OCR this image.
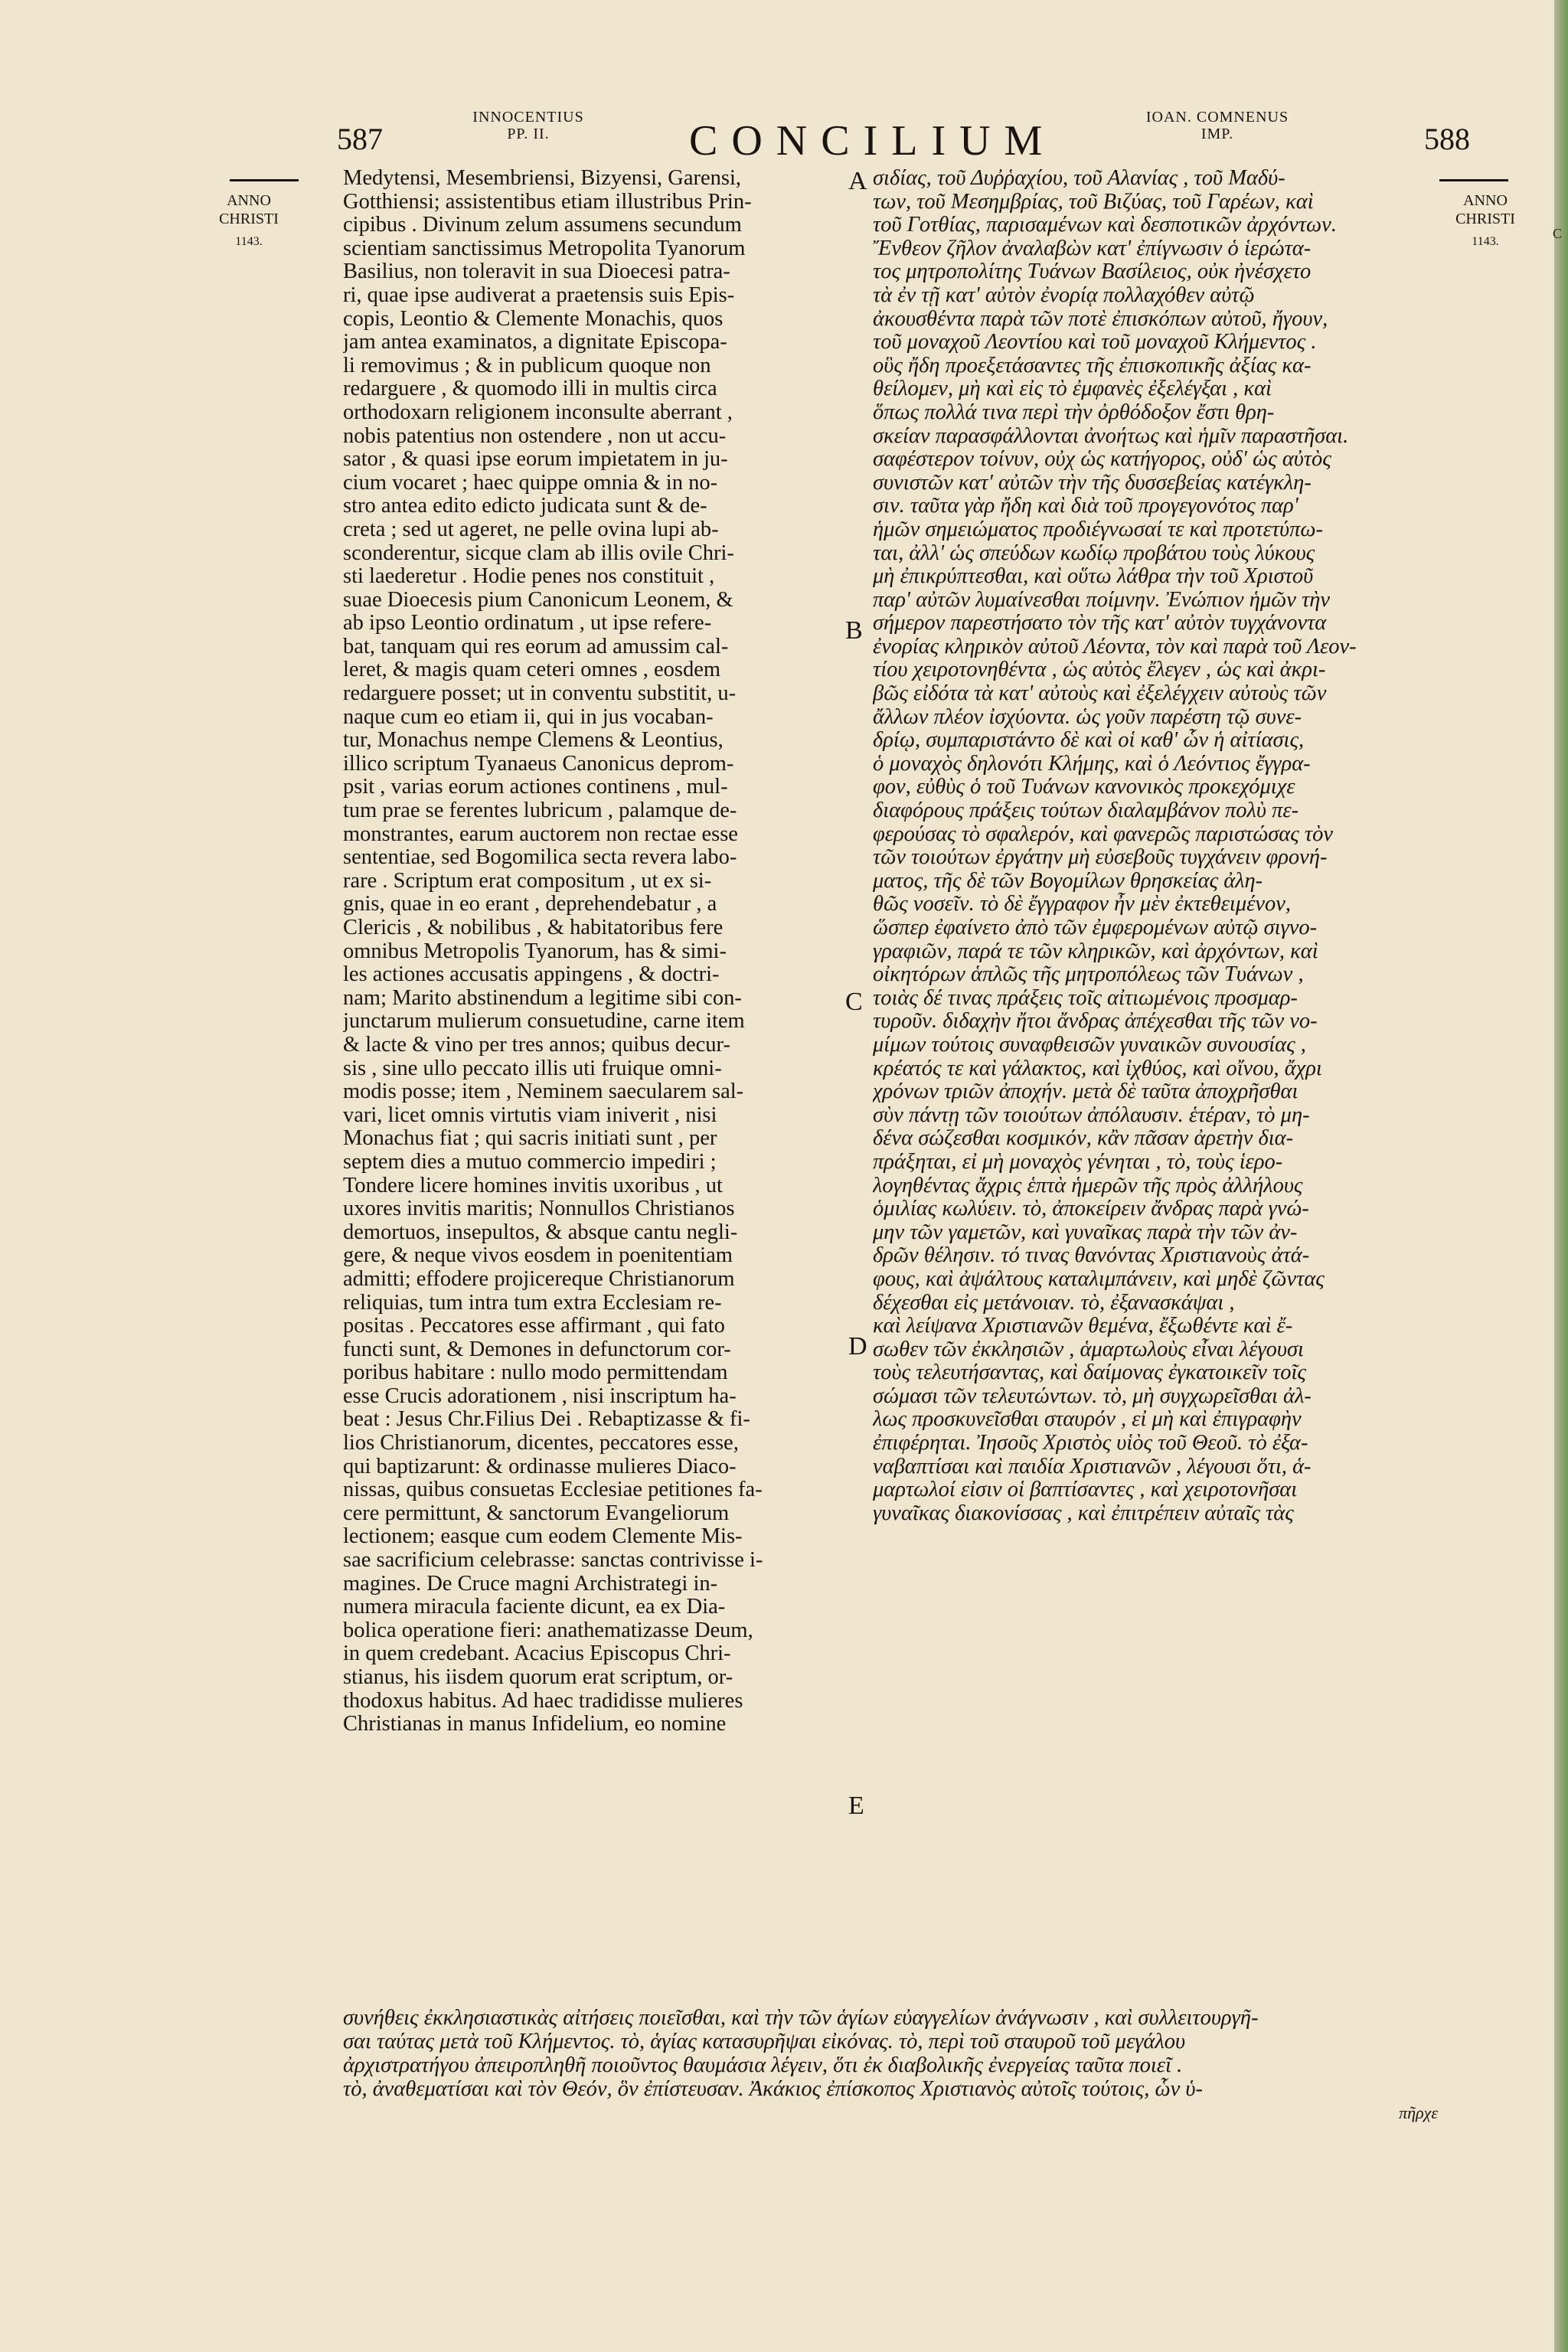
C
587
INNOCENTIUS
PP. II.	CONCILIUM	IOAN. COMNENUS
IMP.	588
ANNO
CHRISTI
1143.
ANNO
CHRISTI
1143.
Medytensi, Mesembriensi, Bizyensi, Garensi,
Gotthiensi; assistentibus etiam illustribus Prin-
cipibus . Divinum zelum assumens secundum
scientiam sanctissimus Metropolita Tyanorum
Basilius, non toleravit in sua Dioecesi patra-
ri, quae ipse audiverat a praetensis suis Epis-
copis, Leontio & Clemente Monachis, quos
jam antea examinatos, a dignitate Episcopa-
li removimus ; & in publicum quoque non
redarguere , & quomodo illi in multis circa
orthodoxarn religionem inconsulte aberrant ,
nobis patentius non ostendere , non ut accu-
sator , & quasi ipse eorum impietatem in ju-
cium vocaret ; haec quippe omnia & in no-
stro antea edito edicto judicata sunt & de-
creta ; sed ut ageret, ne pelle ovina lupi ab-
sconderentur, sicque clam ab illis ovile Chri-
sti laederetur . Hodie penes nos constituit ,
suae Dioecesis pium Canonicum Leonem, &
ab ipso Leontio ordinatum , ut ipse refere-
bat, tanquam qui res eorum ad amussim cal-
leret, & magis quam ceteri omnes , eosdem
redarguere posset; ut in conventu substitit, u-
naque cum eo etiam ii, qui in jus vocaban-
tur, Monachus nempe Clemens & Leontius,
illico scriptum Tyanaeus Canonicus deprom-
psit , varias eorum actiones continens , mul-
tum prae se ferentes lubricum , palamque de-
monstrantes, earum auctorem non rectae esse
sententiae, sed Bogomilica secta revera labo-
rare . Scriptum erat compositum , ut ex si-
gnis, quae in eo erant , deprehendebatur , a
Clericis , & nobilibus , & habitatoribus fere
omnibus Metropolis Tyanorum, has & simi-
les actiones accusatis appingens , & doctri-
nam; Marito abstinendum a legitime sibi con-
junctarum mulierum consuetudine, carne item
& lacte & vino per tres annos; quibus decur-
sis , sine ullo peccato illis uti fruique omni-
modis posse; item , Neminem saecularem sal-
vari, licet omnis virtutis viam iniverit , nisi
Monachus fiat ; qui sacris initiati sunt , per
septem dies a mutuo commercio impediri ;
Tondere licere homines invitis uxoribus , ut
uxores invitis maritis; Nonnullos Christianos
demortuos, insepultos, & absque cantu negli-
gere, & neque vivos eosdem in poenitentiam
admitti; effodere projicereque Christianorum
reliquias, tum intra tum extra Ecclesiam re-
positas . Peccatores esse affirmant , qui fato
functi sunt, & Demones in defunctorum cor-
poribus habitare : nullo modo permittendam
esse Crucis adorationem , nisi inscriptum ha-
beat : Jesus Chr.Filius Dei . Rebaptizasse & fi-
lios Christianorum, dicentes, peccatores esse,
qui baptizarunt: & ordinasse mulieres Diaco-
nissas, quibus consuetas Ecclesiae petitiones fa-
cere permittunt, & sanctorum Evangeliorum
lectionem; easque cum eodem Clemente Mis-
sae sacrificium celebrasse: sanctas contrivisse i-
magines. De Cruce magni Archistrategi in-
numera miracula faciente dicunt, ea ex Dia-
bolica operatione fieri: anathematizasse Deum,
in quem credebant. Acacius Episcopus Chri-
stianus, his iisdem quorum erat scriptum, or-
thodoxus habitus. Ad haec tradidisse mulieres
Christianas in manus Infidelium, eo nomine
σιδίας, τοῦ Δυῤῥαχίου, τοῦ Αλανίας , τοῦ Μαδύ-
των, τοῦ Μεσημβρίας, τοῦ Βιζύας, τοῦ Γαρέων, καὶ
τοῦ Γοτθίας, παρισαμένων καὶ δεσποτικῶν ἀρχόντων.
Ἔνθεον ζῆλον ἀναλαβὼν κατ' ἐπίγνωσιν ὁ ἱερώτα-
τος μητροπολίτης Τυάνων Βασίλειος, οὐκ ἠνέσχετο
τὰ ἐν τῇ κατ' αὐτὸν ἐνορίᾳ πολλαχόθεν αὐτῷ
ἀκουσθέντα παρὰ τῶν ποτὲ ἐπισκόπων αὐτοῦ, ἤγουν,
τοῦ μοναχοῦ Λεοντίου καὶ τοῦ μοναχοῦ Κλήμεντος .
οὓς ἤδη προεξετάσαντες τῆς ἐπισκοπικῆς ἀξίας κα-
θείλομεν, μὴ καὶ εἰς τὸ ἐμφανὲς ἐξελέγξαι , καὶ
ὅπως πολλά τινα περὶ τὴν ὀρθόδοξον ἔστι θρη-
σκείαν παρασφάλλονται ἀνοήτως καὶ ἡμῖν παραστῆσαι.
σαφέστερον τοίνυν, οὐχ ὡς κατήγορος, οὐδ' ὡς αὐτὸς
συνιστῶν κατ' αὐτῶν τὴν τῆς δυσσεβείας κατέγκλη-
σιν. ταῦτα γὰρ ἤδη καὶ διὰ τοῦ προγεγονότος παρ'
ἡμῶν σημειώματος προδιέγνωσαί τε καὶ προτετύπω-
ται, ἀλλ' ὡς σπεύδων κωδίῳ προβάτου τοὺς λύκους
μὴ ἐπικρύπτεσθαι, καὶ οὕτω λάθρα τὴν τοῦ Χριστοῦ
παρ' αὐτῶν λυμαίνεσθαι ποίμνην. Ἐνώπιον ἡμῶν τὴν
σήμερον παρεστήσατο τὸν τῆς κατ' αὐτὸν τυγχάνοντα
ἐνορίας κληρικὸν αὐτοῦ Λέοντα, τὸν καὶ παρὰ τοῦ Λεον-
τίου χειροτονηθέντα , ὡς αὐτὸς ἔλεγεν , ὡς καὶ ἀκρι-
βῶς εἰδότα τὰ κατ' αὐτοὺς καὶ ἐξελέγχειν αὐτοὺς τῶν
ἄλλων πλέον ἰσχύοντα. ὡς γοῦν παρέστη τῷ συνε-
δρίῳ, συμπαριστάντο δὲ καὶ οἱ καθ' ὧν ἡ αἰτίασις,
ὁ μοναχὸς δηλονότι Κλήμης, καὶ ὁ Λεόντιος ἔγγρα-
φον, εὐθὺς ὁ τοῦ Τυάνων κανονικὸς προκεχόμιχε
διαφόρους πράξεις τούτων διαλαμβάνον πολὺ πε-
φερούσας τὸ σφαλερόν, καὶ φανερῶς παριστώσας τὸν
τῶν τοιούτων ἐργάτην μὴ εὐσεβοῦς τυγχάνειν φρονή-
ματος, τῆς δὲ τῶν Βογομίλων θρησκείας ἀλη-
θῶς νοσεῖν. τὸ δὲ ἔγγραφον ἦν μὲν ἐκτεθειμένον,
ὥσπερ ἐφαίνετο ἀπὸ τῶν ἐμφερομένων αὐτῷ σιγνο-
γραφιῶν, παρά τε τῶν κληρικῶν, καὶ ἀρχόντων, καὶ
οἰκητόρων ἁπλῶς τῆς μητροπόλεως τῶν Τυάνων ,
τοιὰς δέ τινας πράξεις τοῖς αἰτιωμένοις προσμαρ-
τυροῦν. διδαχὴν ἤτοι ἄνδρας ἀπέχεσθαι τῆς τῶν νο-
μίμων τούτοις συναφθεισῶν γυναικῶν συνουσίας ,
κρέατός τε καὶ γάλακτος, καὶ ἰχθύος, καὶ οἴνου, ἄχρι
χρόνων τριῶν ἀποχήν. μετὰ δὲ ταῦτα ἀποχρῆσθαι
σὺν πάντῃ τῶν τοιούτων ἀπόλαυσιν. ἑτέραν, τὸ μη-
δένα σώζεσθαι κοσμικόν, κἂν πᾶσαν ἀρετὴν δια-
πράξηται, εἰ μὴ μοναχὸς γένηται , τὸ, τοὺς ἱερο-
λογηθέντας ἄχρις ἑπτὰ ἡμερῶν τῆς πρὸς ἀλλήλους
ὁμιλίας κωλύειν. τὸ, ἀποκείρειν ἄνδρας παρὰ γνώ-
μην τῶν γαμετῶν, καὶ γυναῖκας παρὰ τὴν τῶν ἀν-
δρῶν θέλησιν. τό τινας θανόντας Χριστιανοὺς ἀτά-
φους, καὶ ἀψάλτους καταλιμπάνειν, καὶ μηδὲ ζῶντας
δέχεσθαι εἰς μετάνοιαν. τὸ, ἐξανασκάψαι ,
καὶ λείψανα Χριστιανῶν θεμένα, ἔξωθέντε καὶ ἔ-
σωθεν τῶν ἐκκλησιῶν , ἁμαρτωλοὺς εἶναι λέγουσι
τοὺς τελευτήσαντας, καὶ δαίμονας ἐγκατοικεῖν τοῖς
σώμασι τῶν τελευτώντων. τὸ, μὴ συγχωρεῖσθαι ἀλ-
λως προσκυνεῖσθαι σταυρόν , εἰ μὴ καὶ ἐπιγραφὴν
ἐπιφέρηται. Ἰησοῦς Χριστὸς υἱὸς τοῦ Θεοῦ. τὸ ἐξα-
ναβαπτίσαι καὶ παιδία Χριστιανῶν , λέγουσι ὅτι, ἁ-
μαρτωλοί εἰσιν οἱ βαπτίσαντες , καὶ χειροτονῆσαι
γυναῖκας διακονίσσας , καὶ ἐπιτρέπειν αὐταῖς τὰς
A
B
C
D
E
συνήθεις ἐκκλησιαστικὰς αἰτήσεις ποιεῖσθαι, καὶ τὴν τῶν ἁγίων εὐαγγελίων ἀνάγνωσιν , καὶ συλλειτουργῆ-
σαι ταύτας μετὰ τοῦ Κλήμεντος. τὸ, ἁγίας κατασυρῆψαι εἰκόνας. τὸ, περὶ τοῦ σταυροῦ τοῦ μεγάλου
ἀρχιστρατήγου ἀπειροπληθῆ ποιοῦντος θαυμάσια λέγειν, ὅτι ἐκ διαβολικῆς ἐνεργείας ταῦτα ποιεῖ .
τὸ, ἀναθεματίσαι καὶ τὸν Θεόν, ὃν ἐπίστευσαν. Ἀκάκιος ἐπίσκοπος Χριστιανὸς αὐτοῖς τούτοις, ὧν ὑ-
πῆρχε
